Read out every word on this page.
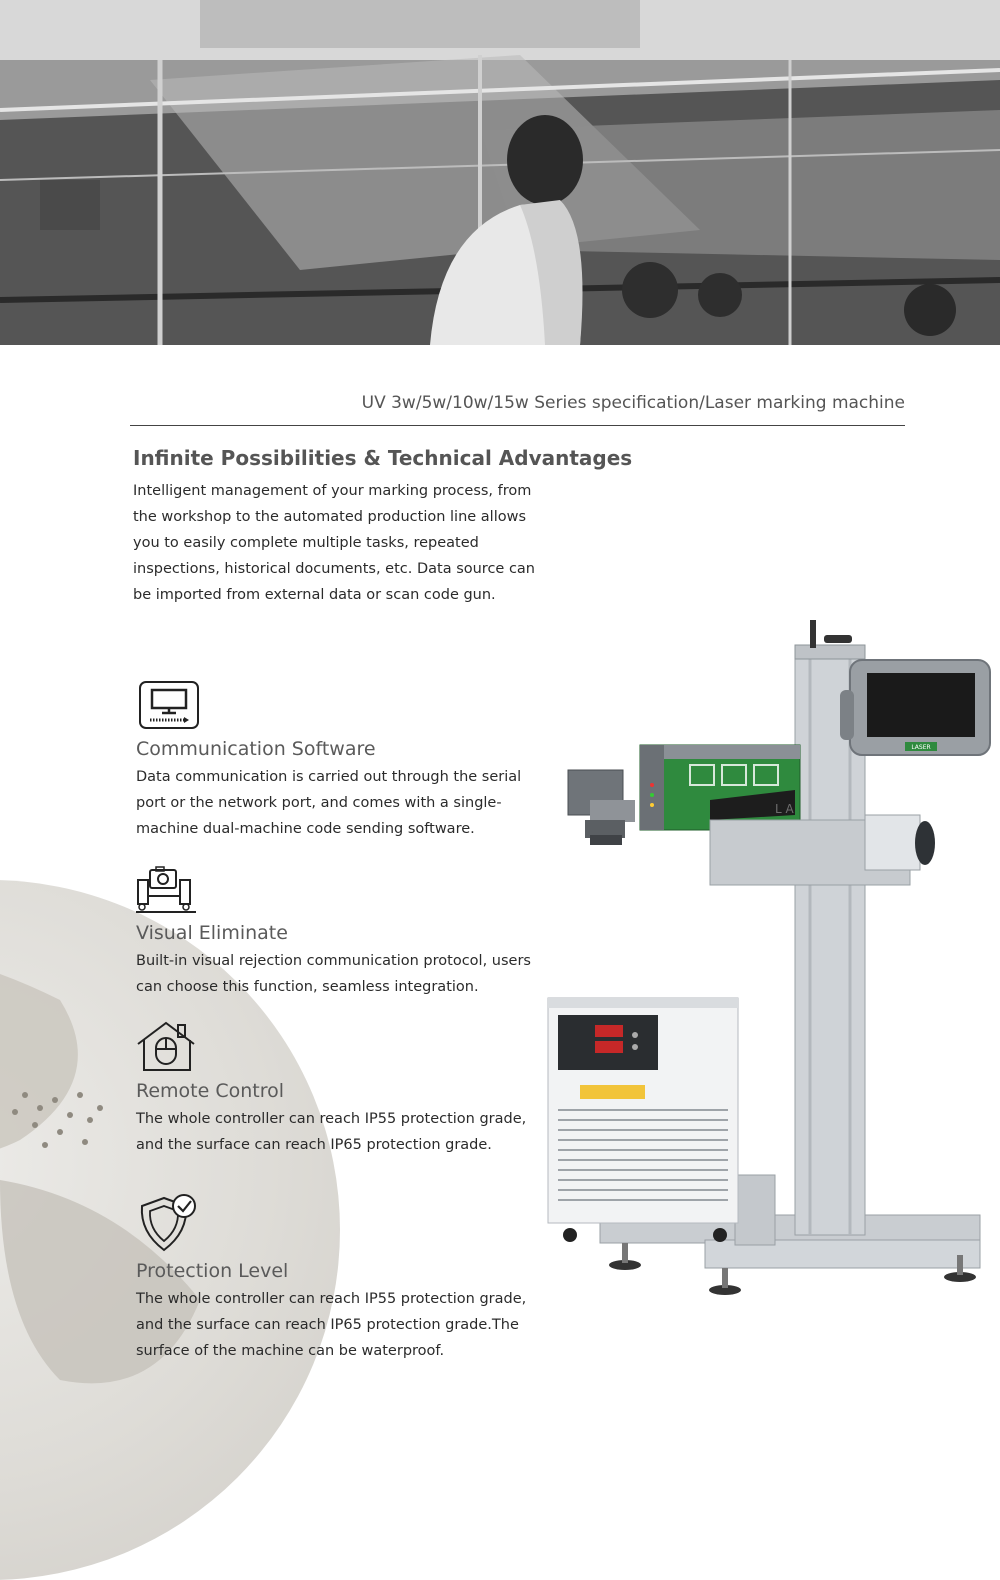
UV 3w/5w/10w/15w Series specification/Laser marking machine
Infinite Possibilities & Technical Advantages
Intelligent management of your marking process, from the workshop to the automated production line allows you to easily complete multiple tasks, repeated inspections, historical documents, etc. Data source can be imported from external data or scan code gun.
Communication Software

Data communication is carried out through the serial port or the network port, and comes with a single-machine dual-machine code sending software.

Visual Eliminate

Built-in visual rejection communication protocol, users can choose this function, seamless integration.

Remote Control

The whole controller can reach IP55 protection grade, and the surface can reach IP65 protection grade.

Protection Level

The whole controller can reach IP55 protection grade, and the surface can reach IP65 protection grade.The surface of the machine can be waterproof.

LASER
L A
